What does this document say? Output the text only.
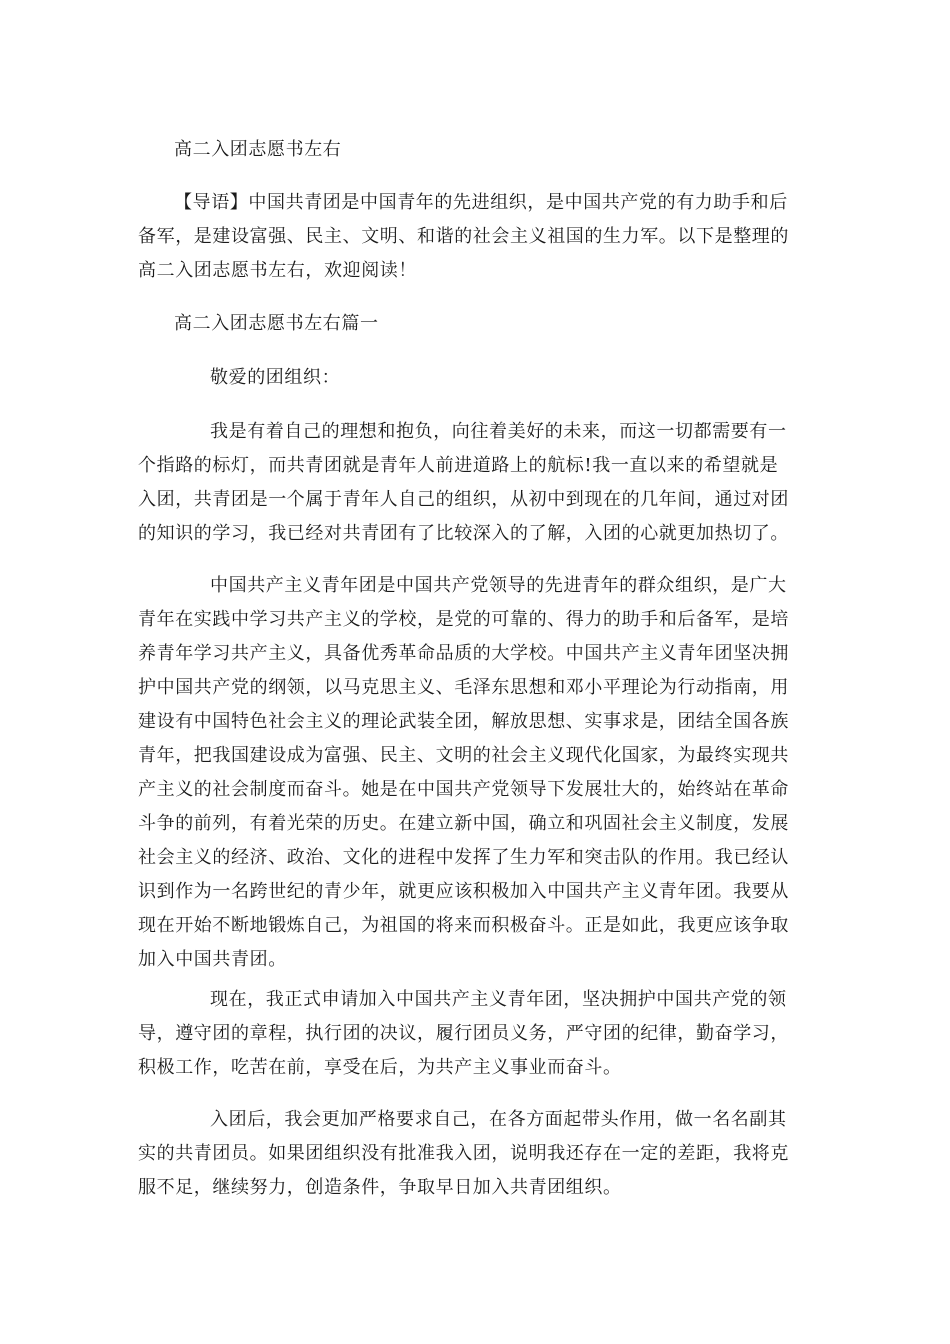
高二入团志愿书左右

【导语】中国共青团是中国青年的先进组织，是中国共产党的有力助手和后
备军，是建设富强、民主、文明、和谐的社会主义祖国的生力军。以下是整理的
高二入团志愿书左右，欢迎阅读！

高二入团志愿书左右篇一

敬爱的团组织：

我是有着自己的理想和抱负，向往着美好的未来，而这一切都需要有一
个指路的标灯，而共青团就是青年人前进道路上的航标!我一直以来的希望就是
入团，共青团是一个属于青年人自己的组织，从初中到现在的几年间，通过对团
的知识的学习，我已经对共青团有了比较深入的了解，入团的心就更加热切了。

中国共产主义青年团是中国共产党领导的先进青年的群众组织，是广大
青年在实践中学习共产主义的学校，是党的可靠的、得力的助手和后备军，是培
养青年学习共产主义，具备优秀革命品质的大学校。中国共产主义青年团坚决拥
护中国共产党的纲领，以马克思主义、毛泽东思想和邓小平理论为行动指南，用
建设有中国特色社会主义的理论武装全团，解放思想、实事求是，团结全国各族
青年，把我国建设成为富强、民主、文明的社会主义现代化国家，为最终实现共
产主义的社会制度而奋斗。她是在中国共产党领导下发展壮大的，始终站在革命
斗争的前列，有着光荣的历史。在建立新中国，确立和巩固社会主义制度，发展
社会主义的经济、政治、文化的进程中发挥了生力军和突击队的作用。我已经认
识到作为一名跨世纪的青少年，就更应该积极加入中国共产主义青年团。我要从
现在开始不断地锻炼自己，为祖国的将来而积极奋斗。正是如此，我更应该争取
加入中国共青团。

现在，我正式申请加入中国共产主义青年团，坚决拥护中国共产党的领
导，遵守团的章程，执行团的决议，履行团员义务，严守团的纪律，勤奋学习，
积极工作，吃苦在前，享受在后，为共产主义事业而奋斗。

入团后，我会更加严格要求自己，在各方面起带头作用，做一名名副其
实的共青团员。如果团组织没有批准我入团，说明我还存在一定的差距，我将克
服不足，继续努力，创造条件，争取早日加入共青团组织。
